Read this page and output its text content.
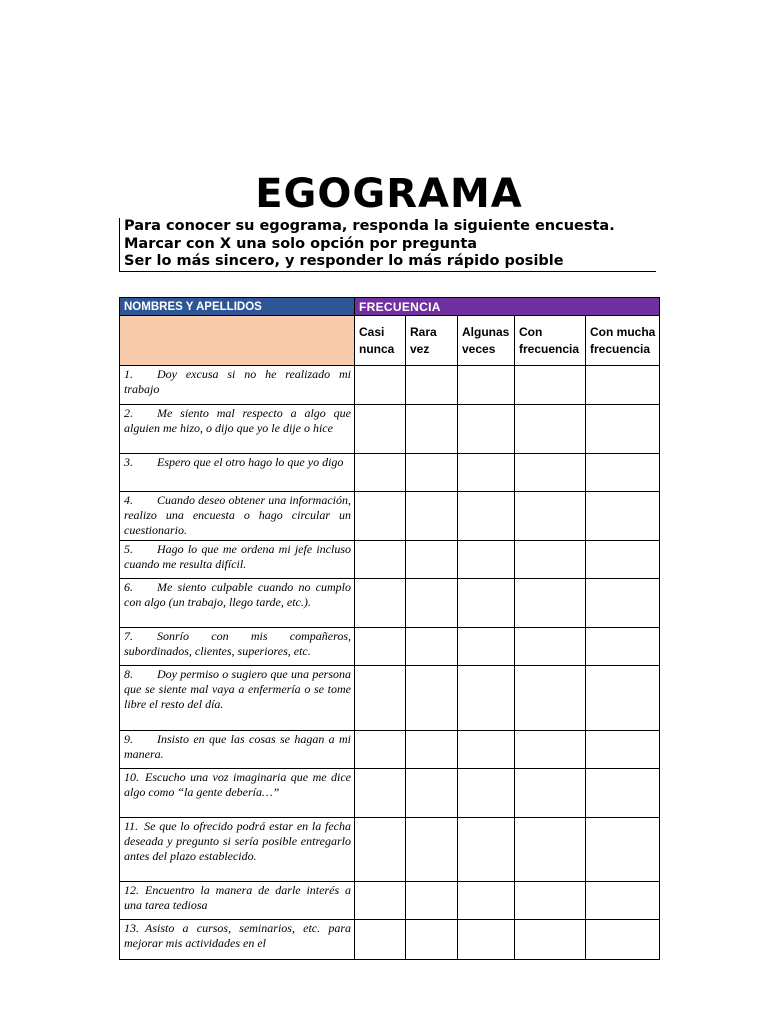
EGOGRAMA
Para conocer su egograma, responda la siguiente encuesta.
Marcar con X una solo opción por pregunta
Ser lo más sincero, y responder lo más rápido posible
NOMBRES Y APELLIDOS	FRECUENCIA				
	Casi nunca	Rara vez	Algunas veces	Con frecuencia	Con mucha frecuencia
1.  Doy excusa si no he realizado mi trabajo					
2.  Me siento mal respecto a algo que alguien me hizo, o dijo que yo le dije o hice					
3.  Espero que el otro hago lo que yo digo					
4.  Cuando deseo obtener una información, realizo una encuesta o hago circular un cuestionario.					
5.  Hago lo que me ordena mi jefe incluso cuando me resulta difícil.					
6.  Me siento culpable cuando no cumplo con algo (un trabajo, llego tarde, etc.).					
7.  Sonrío con mis compañeros, subordinados, clientes, superiores, etc.					
8.  Doy permiso o sugiero que una persona que se siente mal vaya a enfermería o se tome libre el resto del día.					
9.  Insisto en que las cosas se hagan a mi manera.					
10. Escucho una voz imaginaria que me dice algo como “la gente debería…”					
11. Se que lo ofrecido podrá estar en la fecha deseada y pregunto si sería posible entregarlo antes del plazo establecido.					
12. Encuentro la manera de darle interés a una tarea tediosa					
13. Asisto a cursos, seminarios, etc. para mejorar mis actividades en el					
